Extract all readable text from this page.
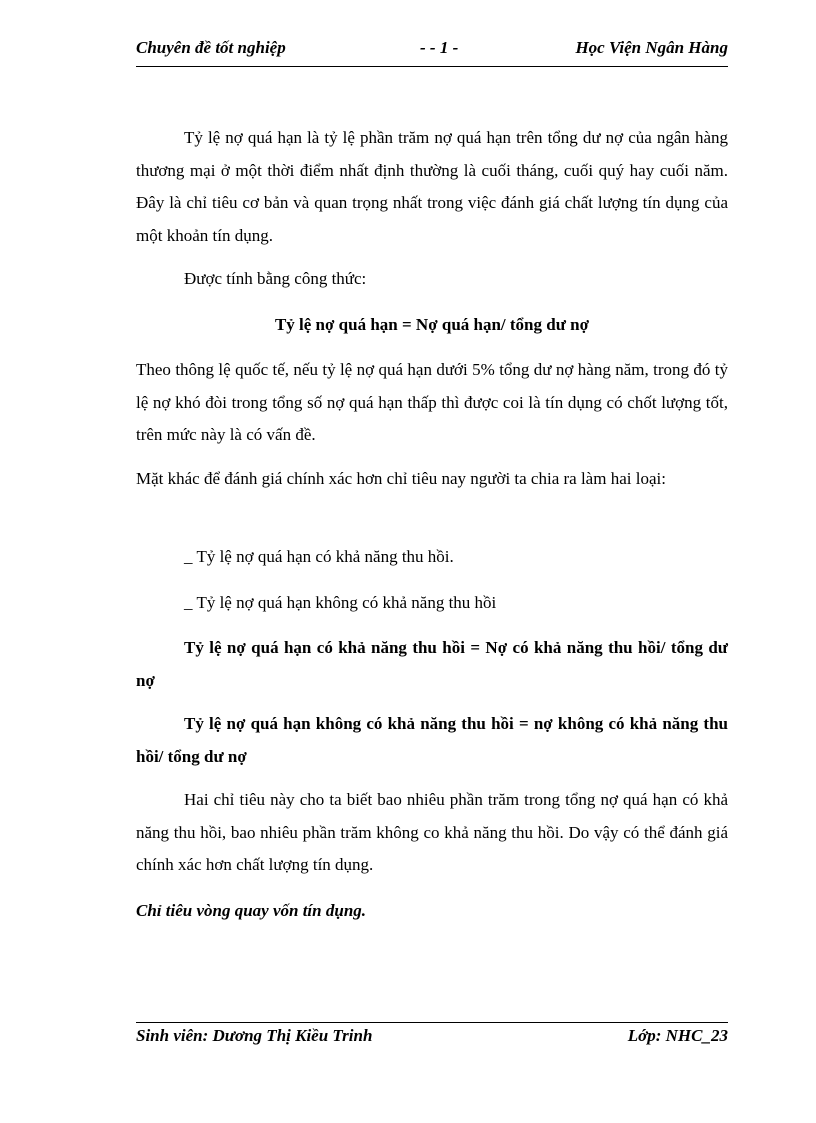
Chuyên đề tốt nghiệp	- - 1 -	Học Viện Ngân Hàng

Tỷ lệ nợ quá hạn là tỷ lệ phần trăm nợ quá hạn trên tổng dư nợ của ngân hàng thương mại ở một thời điểm nhất định thường là cuối tháng, cuối quý hay cuối năm. Đây là chỉ tiêu cơ bản và quan trọng nhất trong việc đánh giá chất lượng tín dụng của một khoản tín dụng.

Được tính bằng công thức:

Tỷ lệ nợ quá hạn = Nợ quá hạn/ tổng dư nợ

Theo thông lệ quốc tế, nếu tỷ lệ nợ quá hạn dưới 5% tổng dư nợ hàng năm, trong đó tỷ lệ nợ khó đòi trong tổng số nợ quá hạn thấp thì được coi là tín dụng có chốt lượng tốt, trên mức này là có vấn đề.

Mặt khác để đánh giá chính xác hơn chỉ tiêu nay người ta chia ra làm hai loại:

_ Tỷ lệ nợ quá hạn có khả năng thu hồi.

_ Tỷ lệ nợ quá hạn không có khả năng thu hồi

Tỷ lệ nợ quá hạn có khả năng thu hồi = Nợ có khả năng thu hồi/ tổng dư nợ

Tỷ lệ nợ quá hạn không có khả năng thu hồi = nợ không có khả năng thu hồi/ tổng dư nợ

Hai chỉ tiêu này cho ta biết bao nhiêu phần trăm trong tổng nợ quá hạn có khả năng thu hồi, bao nhiêu phần trăm không co khả năng thu hồi. Do vậy có thể đánh giá chính xác hơn chất lượng tín dụng.

Chỉ tiêu vòng quay vốn tín dụng.

Sinh viên: Dương Thị Kiều Trinh	Lớp: NHC_23
